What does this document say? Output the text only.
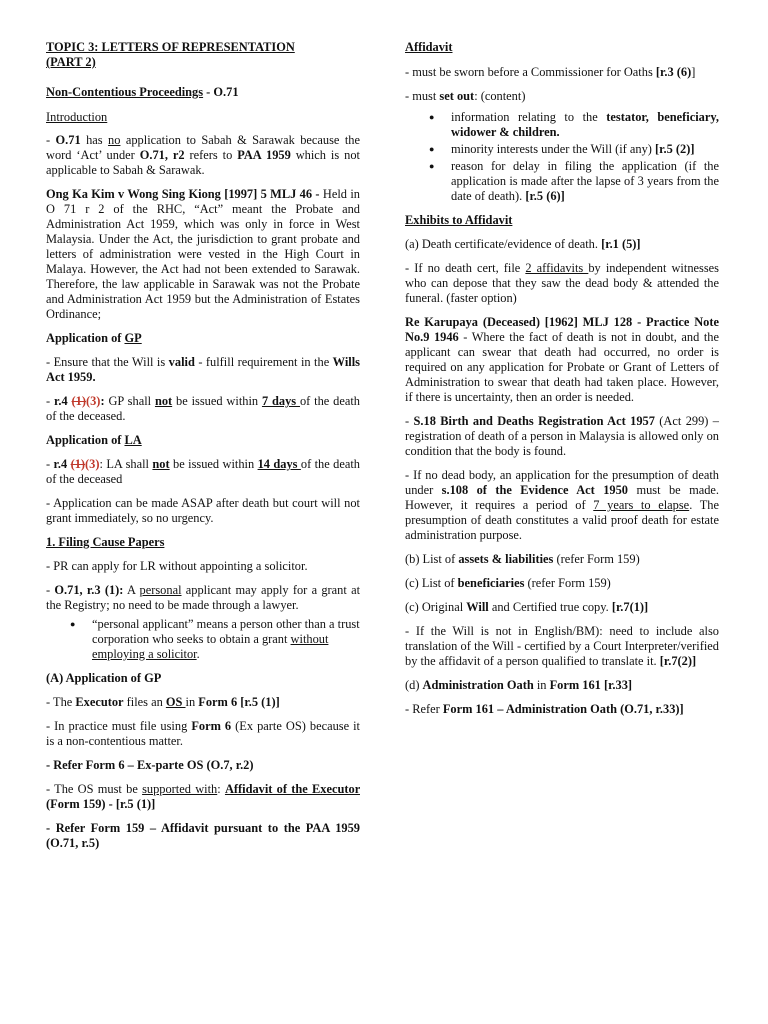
TOPIC 3: LETTERS OF REPRESENTATION
(PART 2)

Non-Contentious Proceedings - O.71

Introduction

- O.71 has no application to Sabah & Sarawak because the word ‘Act’ under O.71, r2 refers to PAA 1959 which is not applicable to Sabah & Sarawak.

Ong Ka Kim v Wong Sing Kiong [1997] 5 MLJ 46 - Held in O 71 r 2 of the RHC, “Act” meant the Probate and Administration Act 1959, which was only in force in West Malaysia. Under the Act, the jurisdiction to grant probate and letters of administration were vested in the High Court in Malaya. However, the Act had not been extended to Sarawak. Therefore, the law applicable in Sarawak was not the Probate and Administration Act 1959 but the Administration of Estates Ordinance;

Application of GP

- Ensure that the Will is valid - fulfill requirement in the Wills Act 1959.

- r.4 (1)(3): GP shall not be issued within 7 days of the death of the deceased.

Application of LA

- r.4 (1)(3): LA shall not be issued within 14 days of the death of the deceased

- Application can be made ASAP after death but court will not grant immediately, so no urgency.

1. Filing Cause Papers

- PR can apply for LR without appointing a solicitor.

- O.71, r.3 (1): A personal applicant may apply for a grant at the Registry; no need to be made through a lawyer.

● “personal applicant” means a person other than a trust corporation who seeks to obtain a grant without employing a solicitor.

(A) Application of GP

- The Executor files an OS in Form 6 [r.5 (1)]

- In practice must file using Form 6 (Ex parte OS) because it is a non-contentious matter.

- Refer Form 6 – Ex-parte OS (O.7, r.2)

- The OS must be supported with: Affidavit of the Executor (Form 159) - [r.5 (1)]

- Refer Form 159 – Affidavit pursuant to the PAA 1959 (O.71, r.5)

Affidavit

- must be sworn before a Commissioner for Oaths [r.3 (6)]

- must set out: (content)

● information relating to the testator, beneficiary, widower & children.
● minority interests under the Will (if any) [r.5 (2)]
● reason for delay in filing the application (if the application is made after the lapse of 3 years from the date of death). [r.5 (6)]

Exhibits to Affidavit

(a) Death certificate/evidence of death. [r.1 (5)]

- If no death cert, file 2 affidavits by independent witnesses who can depose that they saw the dead body & attended the funeral. (faster option)

Re Karupaya (Deceased) [1962] MLJ 128 - Practice Note No.9 1946 - Where the fact of death is not in doubt, and the applicant can swear that death had occurred, no order is required on any application for Probate or Grant of Letters of Administration to swear that death had taken place. However, if there is uncertainty, then an order is needed.

- S.18 Birth and Deaths Registration Act 1957 (Act 299) – registration of death of a person in Malaysia is allowed only on condition that the body is found.

- If no dead body, an application for the presumption of death under s.108 of the Evidence Act 1950 must be made. However, it requires a period of 7 years to elapse. The presumption of death constitutes a valid proof death for estate administration purpose.

(b) List of assets & liabilities (refer Form 159)

(c) List of beneficiaries (refer Form 159)

(c) Original Will and Certified true copy. [r.7(1)]

- If the Will is not in English/BM): need to include also translation of the Will - certified by a Court Interpreter/verified by the affidavit of a person qualified to translate it. [r.7(2)]

(d) Administration Oath in Form 161 [r.33]

- Refer Form 161 – Administration Oath (O.71, r.33)]
